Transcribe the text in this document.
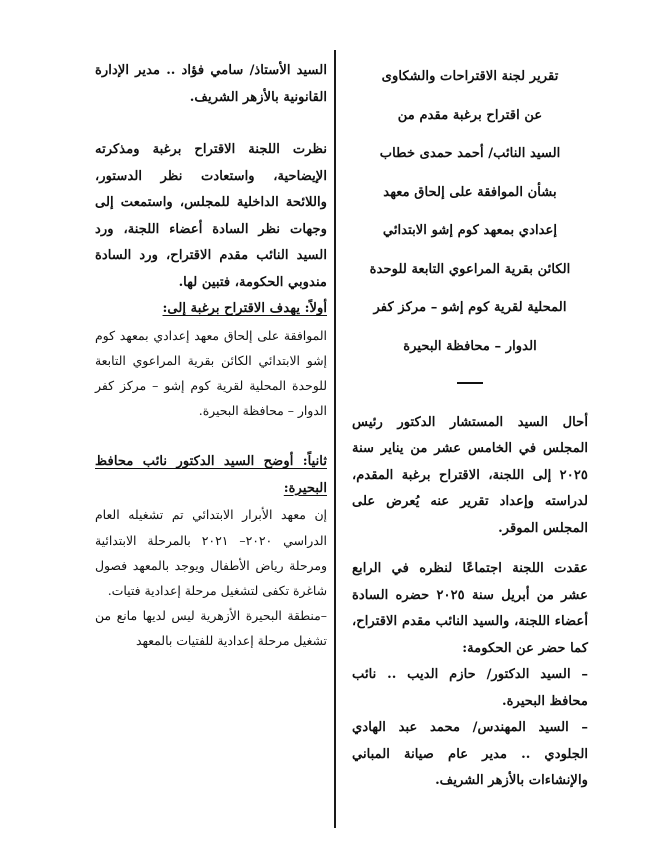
تقرير لجنة الاقتراحات والشكاوى

عن اقتراح برغبة مقدم من

السيد النائب/ أحمد حمدى خطاب

بشأن الموافقة على إلحاق معهد

إعدادي بمعهد كوم إشو الابتدائي

الكائن بقرية المراعوي التابعة للوحدة

المحلية لقرية كوم إشو – مركز كفر

الدوار – محافظة البحيرة

أحال السيد المستشار الدكتور رئيس المجلس في الخامس عشر من يناير سنة ٢٠٢٥ إلى اللجنة، الاقتراح برغبة المقدم، لدراسته وإعداد تقرير عنه يُعرض على المجلس الموقر.

عقدت اللجنة اجتماعًا لنظره في الرابع عشر من أبريل سنة ٢٠٢٥ حضره السادة أعضاء اللجنة، والسيد النائب مقدم الاقتراح، كما حضر عن الحكومة:

– السيد الدكتور/ حازم الديب .. نائب محافظ البحيرة.

– السيد المهندس/ محمد عبد الهادي الجلودي .. مدير عام صيانة المباني والإنشاءات بالأزهر الشريف.

السيد الأستاذ/ سامي فؤاد .. مدير الإدارة القانونية بالأزهر الشريف.

نظرت اللجنة الاقتراح برغبة ومذكرته الإيضاحية، واستعادت نظر الدستور، واللائحة الداخلية للمجلس، واستمعت إلى وجهات نظر السادة أعضاء اللجنة، ورد السيد النائب مقدم الاقتراح، ورد السادة مندوبي الحكومة، فتبين لها.

أولاً: يهدف الاقتراح برغبة إلى:

الموافقة على إلحاق معهد إعدادي بمعهد كوم إشو الابتدائي الكائن بقرية المراعوي التابعة للوحدة المحلية لقرية كوم إشو – مركز كفر الدوار – محافظة البحيرة.

ثانياً: أوضح السيد الدكتور نائب محافظ البحيرة:

إن معهد الأبرار الابتدائي تم تشغيله العام الدراسي ٢٠٢٠– ٢٠٢١ بالمرحلة الابتدائية ومرحلة رياض الأطفال ويوجد بالمعهد فصول شاغرة تكفى لتشغيل مرحلة إعدادية فتيات.

–منطقة البحيرة الأزهرية ليس لديها مانع من تشغيل مرحلة إعدادية للفتيات بالمعهد
